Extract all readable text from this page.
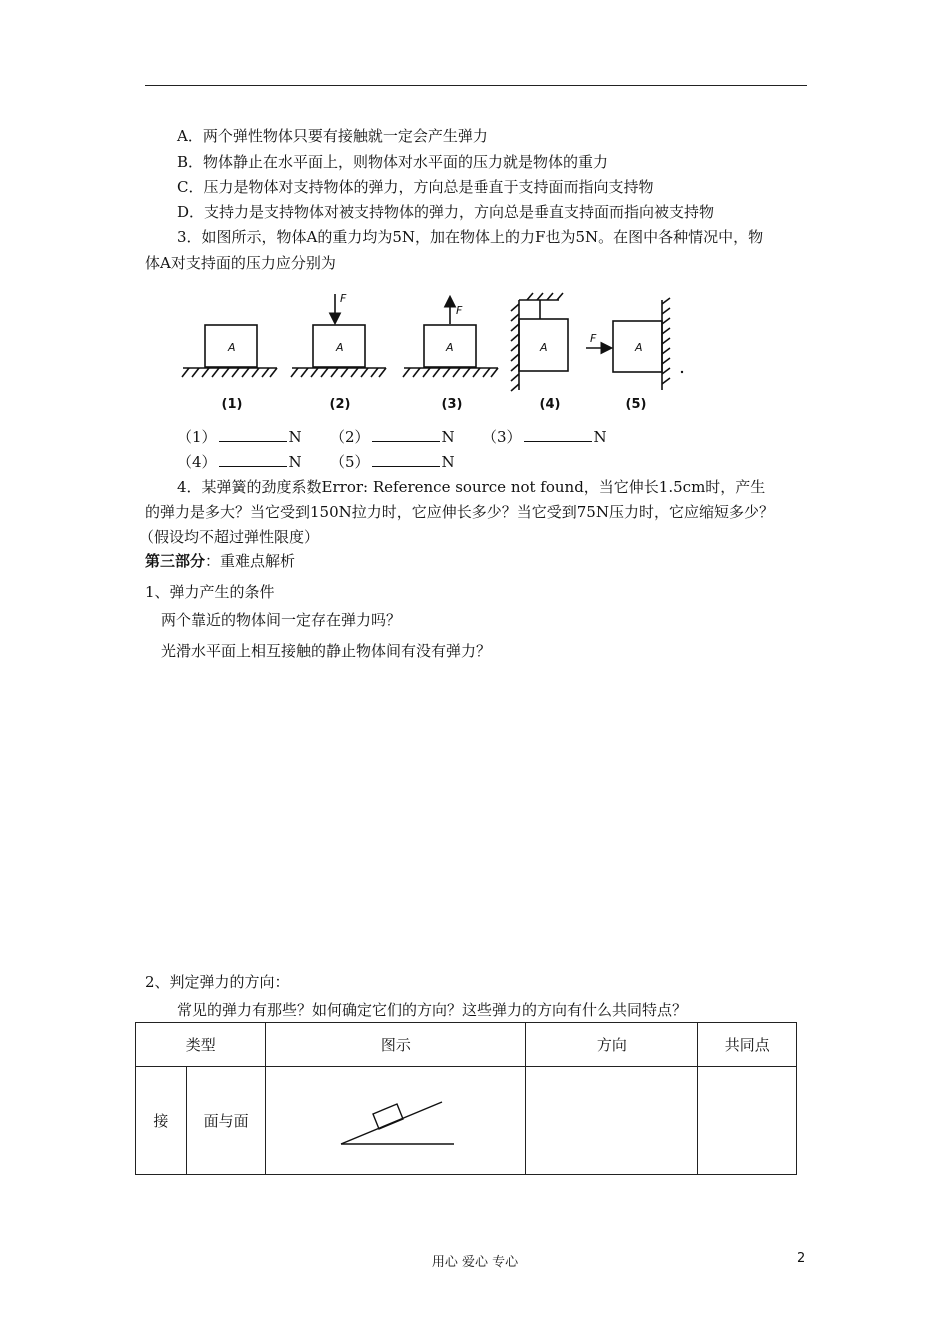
A．两个弹性物体只要有接触就一定会产生弹力
B．物体静止在水平面上，则物体对水平面的压力就是物体的重力
C．压力是物体对支持物体的弹力，方向总是垂直于支持面而指向支持物
D．支持力是支持物体对被支持物体的弹力，方向总是垂直支持面而指向被支持物
3．如图所示，物体A的重力均为5N，加在物体上的力F也为5N。在图中各种情况中，物
体A对支持面的压力应分别为
A	A	A	A	A
F
F
F
(1)	(2)	(3)	(4)	(5)
（1）	N （2）	N （3）	N
（4）	N （5）	N
4．某弹簧的劲度系数Error: Reference source not found，当它伸长1.5cm时，产生
的弹力是多大？当它受到150N拉力时，它应伸长多少？当它受到75N压力时，它应缩短多少？
（假设均不超过弹性限度）
第三部分：重难点解析
1、弹力产生的条件
两个靠近的物体间一定存在弹力吗？
光滑水平面上相互接触的静止物体间有没有弹力？
2、判定弹力的方向：
常见的弹力有那些？如何确定它们的方向？这些弹力的方向有什么共同特点？
类型		图示	方向	共同点
接	面与面			
用心 爱心 专心	2
